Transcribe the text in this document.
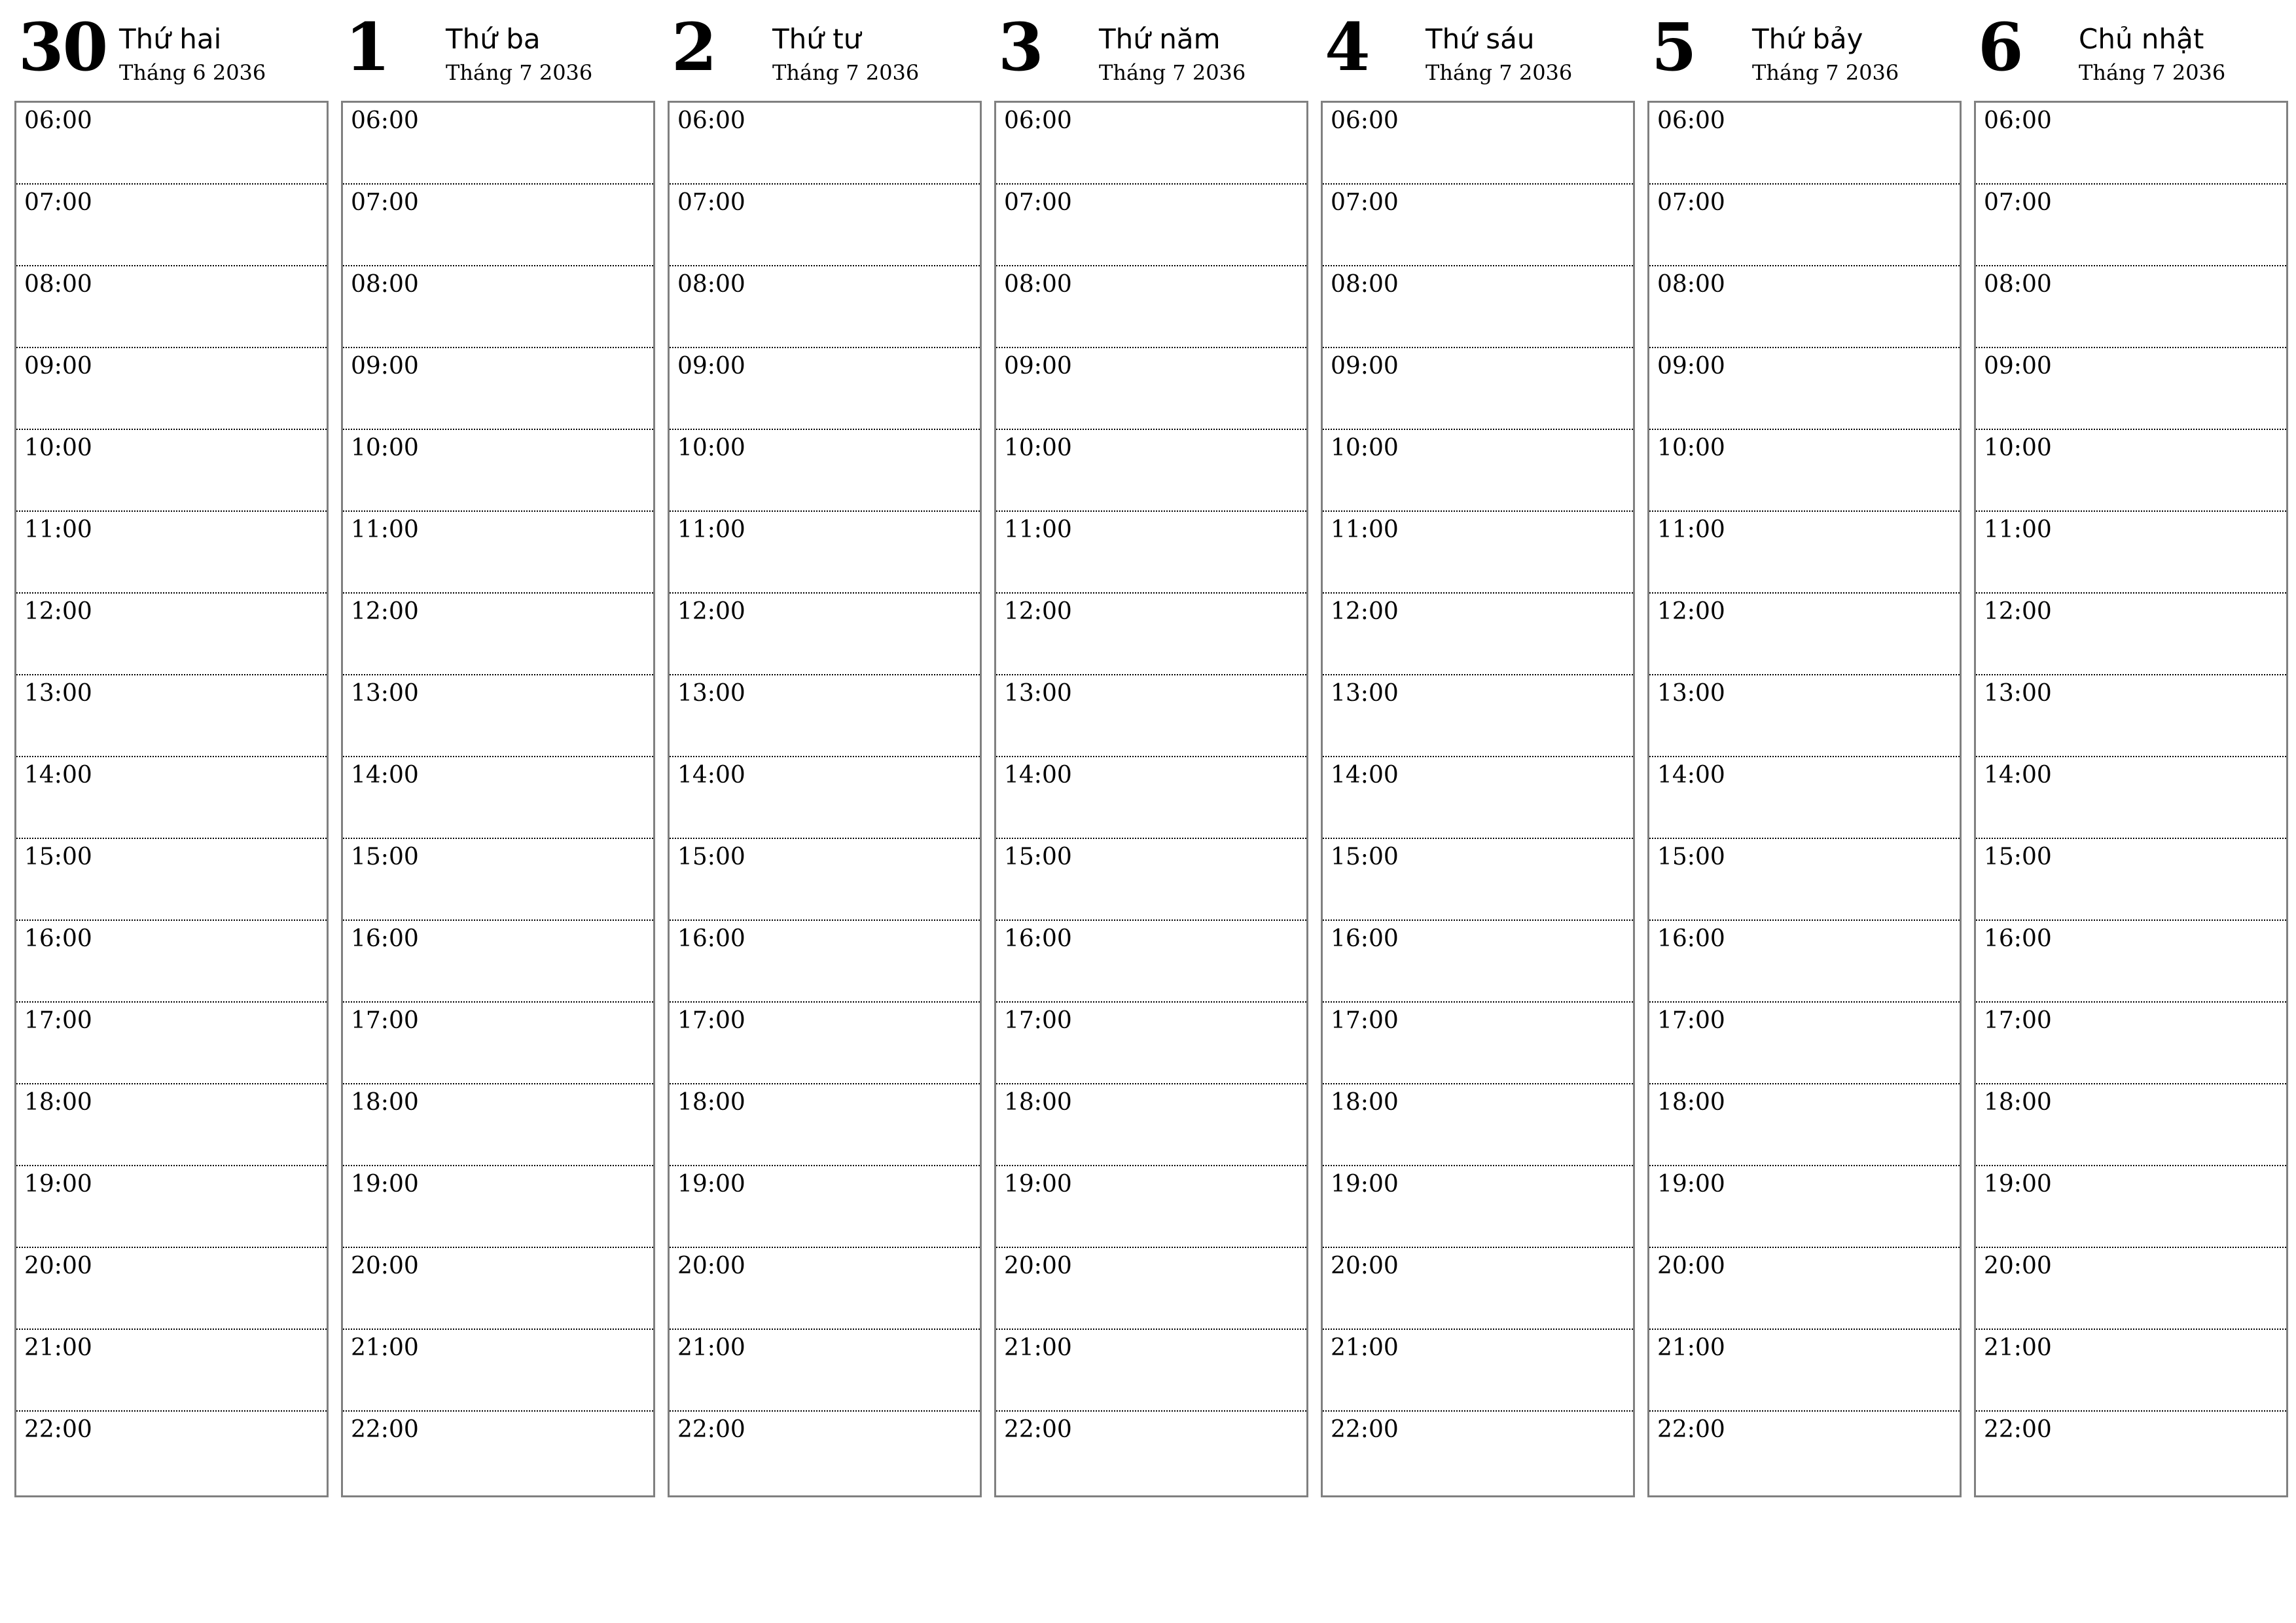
30 Thứ hai
Tháng 6 2036
06:00
07:00
08:00
09:00
10:00
11:00
12:00
13:00
14:00
15:00
16:00
17:00
18:00
19:00
20:00
21:00
22:00
1 Thứ ba
Tháng 7 2036
06:00
07:00
08:00
09:00
10:00
11:00
12:00
13:00
14:00
15:00
16:00
17:00
18:00
19:00
20:00
21:00
22:00
2 Thứ tư
Tháng 7 2036
06:00
07:00
08:00
09:00
10:00
11:00
12:00
13:00
14:00
15:00
16:00
17:00
18:00
19:00
20:00
21:00
22:00
3 Thứ năm
Tháng 7 2036
06:00
07:00
08:00
09:00
10:00
11:00
12:00
13:00
14:00
15:00
16:00
17:00
18:00
19:00
20:00
21:00
22:00
4 Thứ sáu
Tháng 7 2036
06:00
07:00
08:00
09:00
10:00
11:00
12:00
13:00
14:00
15:00
16:00
17:00
18:00
19:00
20:00
21:00
22:00
5 Thứ bảy
Tháng 7 2036
06:00
07:00
08:00
09:00
10:00
11:00
12:00
13:00
14:00
15:00
16:00
17:00
18:00
19:00
20:00
21:00
22:00
6 Chủ nhật
Tháng 7 2036
06:00
07:00
08:00
09:00
10:00
11:00
12:00
13:00
14:00
15:00
16:00
17:00
18:00
19:00
20:00
21:00
22:00
